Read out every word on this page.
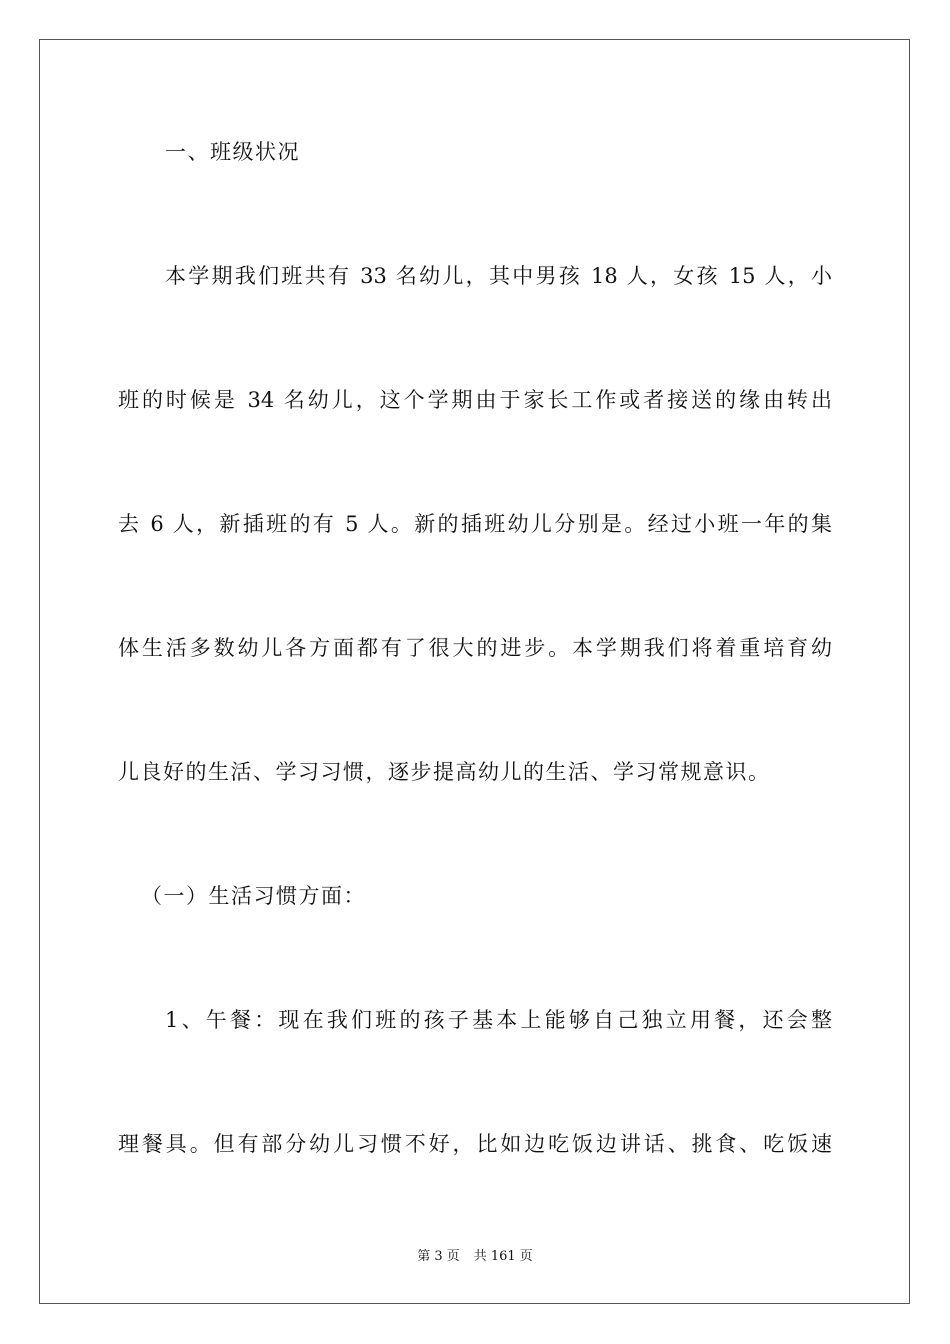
一、班级状况
本学期我们班共有 33 名幼儿，其中男孩 18 人，女孩 15 人，小
班的时候是 34 名幼儿，这个学期由于家长工作或者接送的缘由转出
去 6 人，新插班的有 5 人。新的插班幼儿分别是。经过小班一年的集
体生活多数幼儿各方面都有了很大的进步。本学期我们将着重培育幼
儿良好的生活、学习习惯，逐步提高幼儿的生活、学习常规意识。
（一）生活习惯方面：
1、午餐：现在我们班的孩子基本上能够自己独立用餐，还会整
理餐具。但有部分幼儿习惯不好，比如边吃饭边讲话、挑食、吃饭速
第 3 页 共 161 页
